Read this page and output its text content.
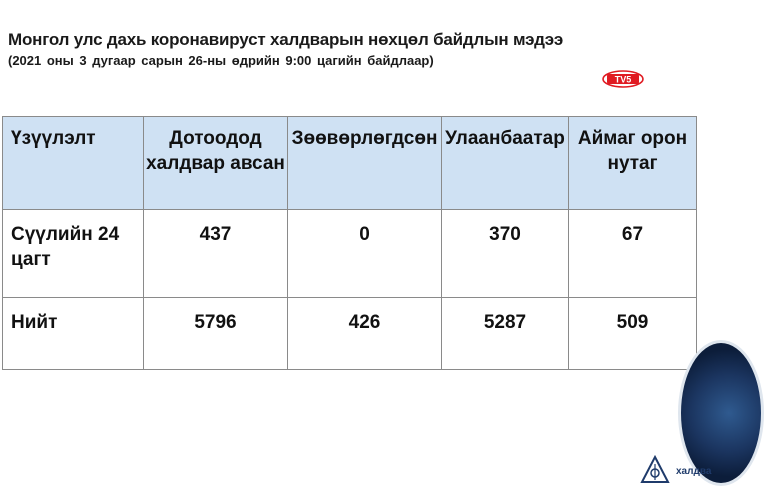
Монгол улс дахь коронавируст халдварын нөхцөл байдлын мэдээ
(2021 оны 3 дугаар сарын 26-ны өдрийн 9:00 цагийн байдлаар)
TV5
Үзүүлэлт	Дотоодод халдвар авсан	Зөөвөрлөгдсөн	Улаанбаатар	Аймаг орон нутаг
Сүүлийн 24 цагт	437	0	370	67
Нийт	5796	426	5287	509
халдва
